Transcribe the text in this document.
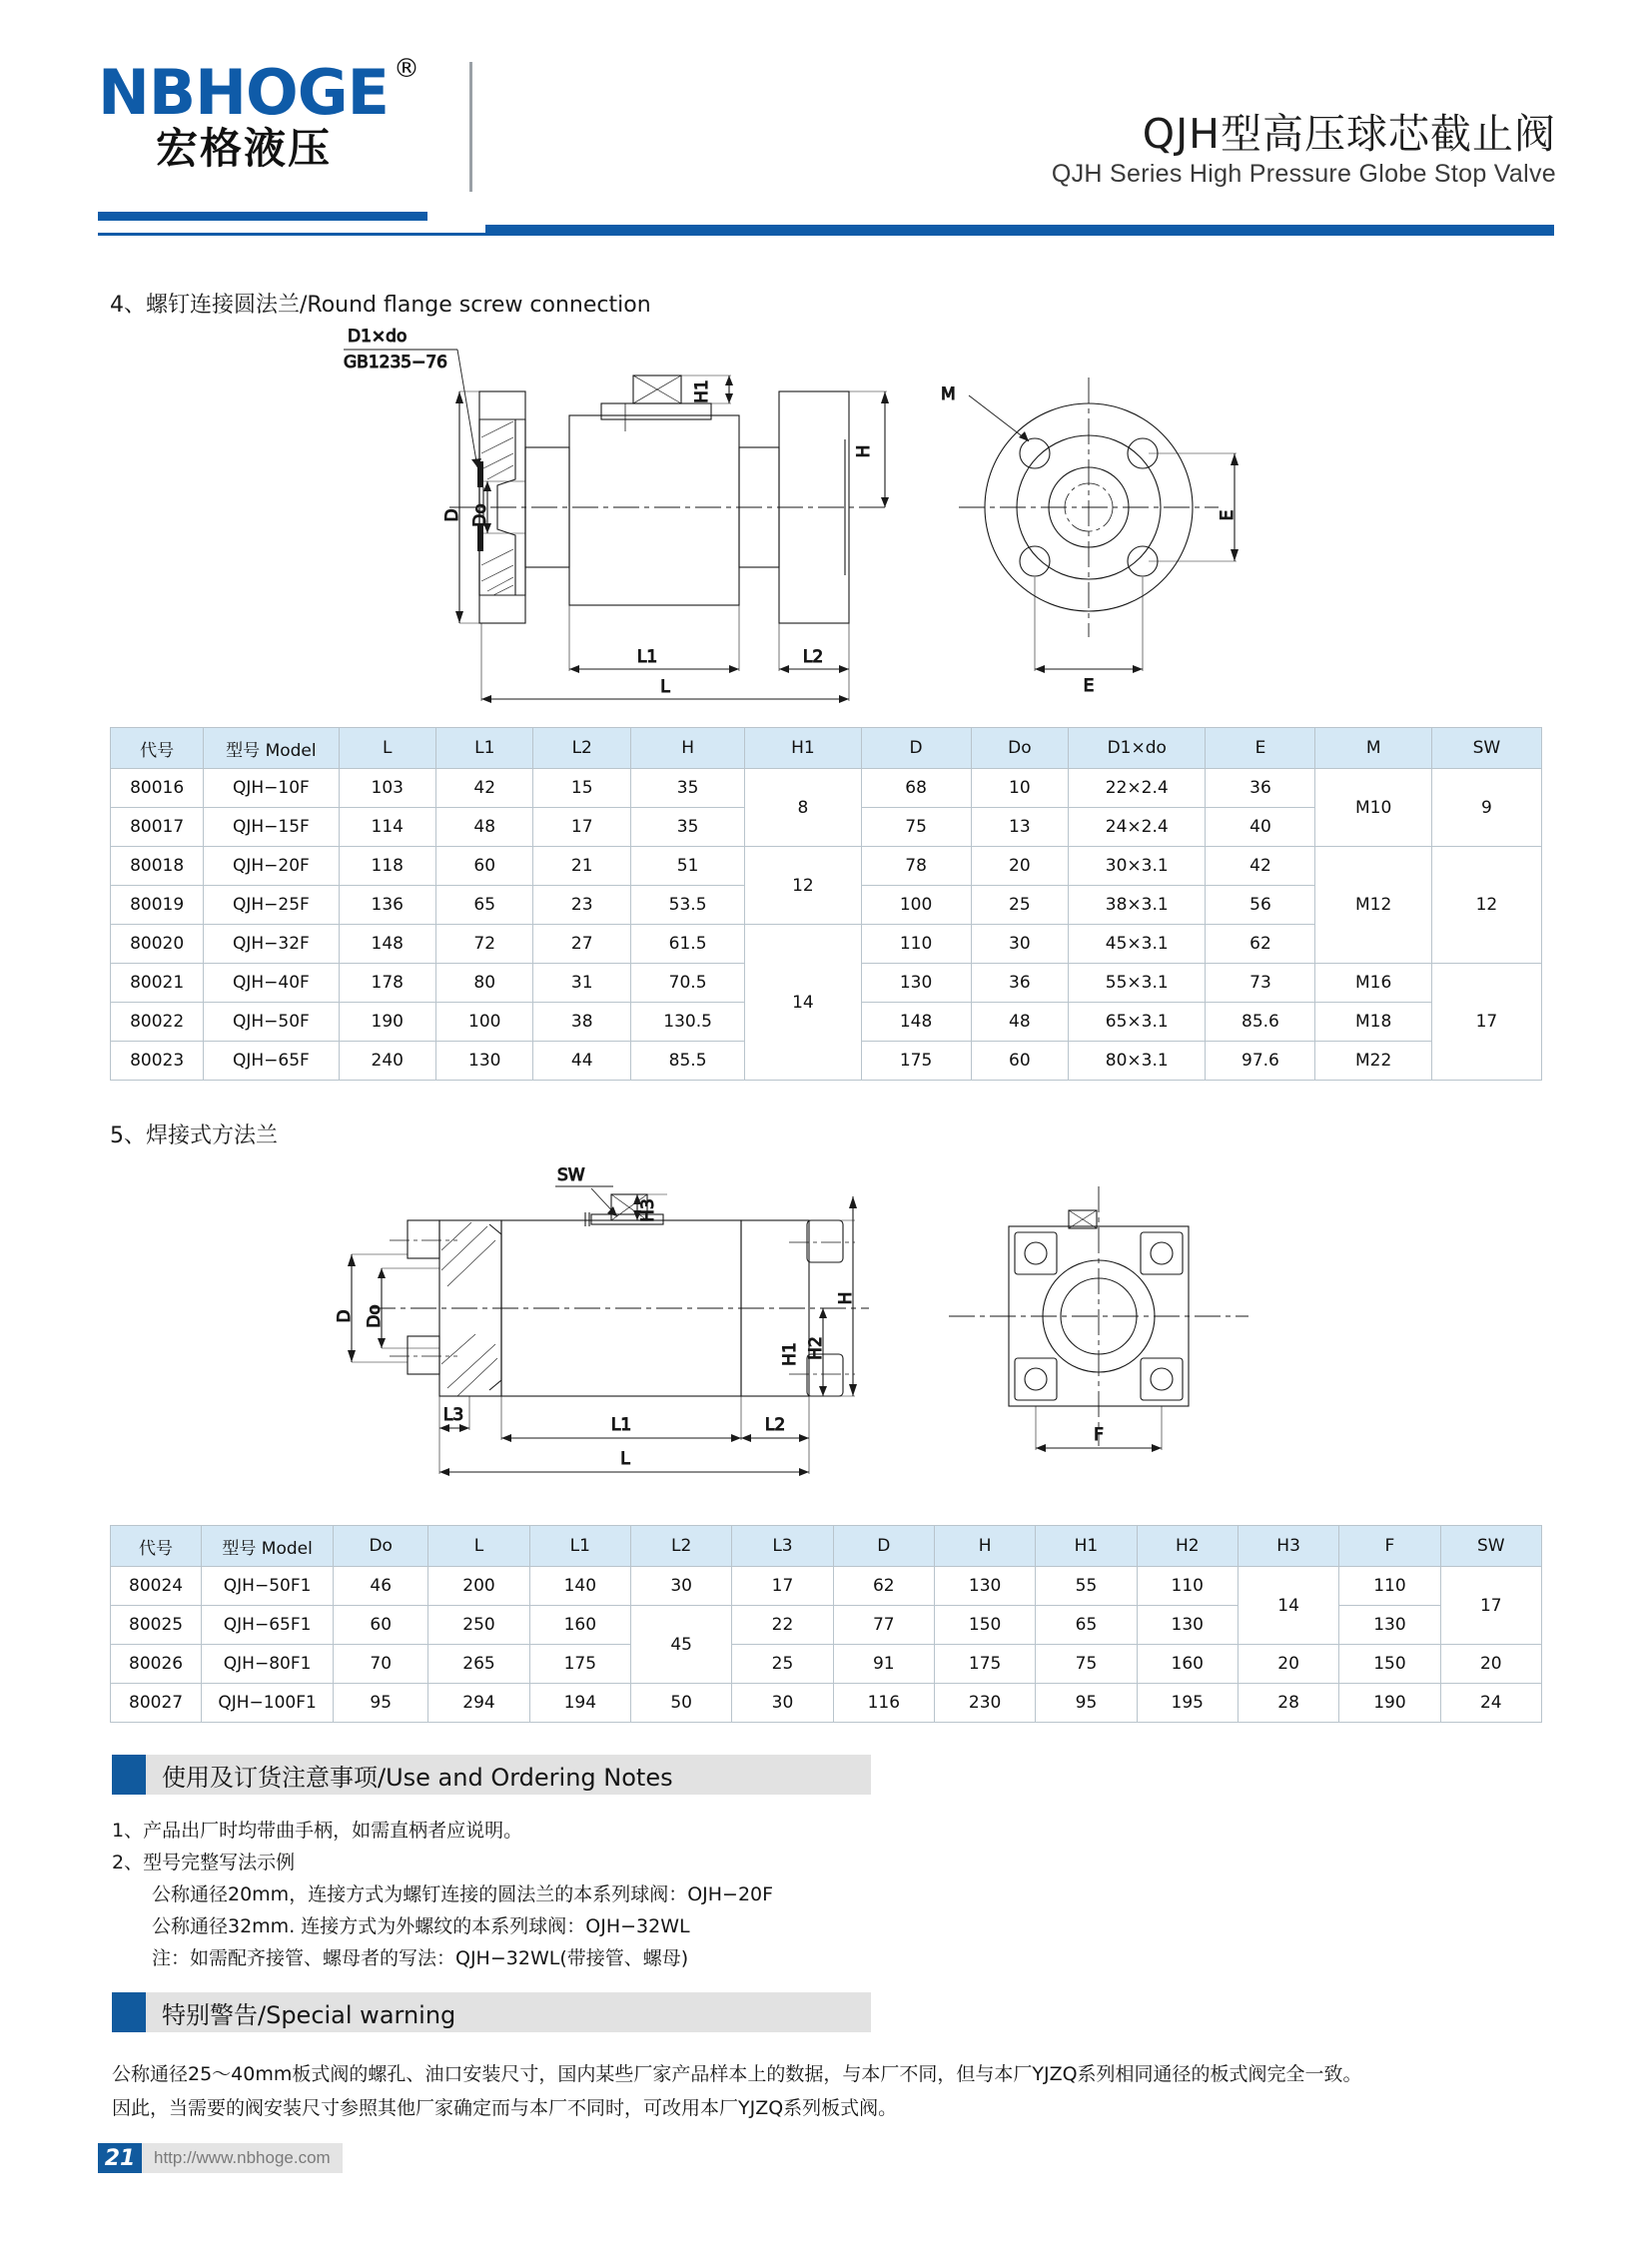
NBHOGE ®
宏格液压	QJH型高压球芯截止阀
QJH Series High Pressure Globe Stop Valve
4、螺钉连接圆法兰/Round flange screw connection
D1×do
GB1235−76
D Do
H1
H
L1	L2
L
M
E
E
代号	型号 Model	L	L1	L2	H	H1	D	Do	D1×do	E	M	SW
80016	QJH−10F	103	42	15	35	8	68	10	22×2.4	36	M10	9
80017	QJH−15F	114	48	17	35		75	13	24×2.4	40		
80018	QJH−20F	118	60	21	51	12	78	20	30×3.1	42	M12	12
80019	QJH−25F	136	65	23	53.5		100	25	38×3.1	56		
80020	QJH−32F	148	72	27	61.5	14	110	30	45×3.1	62		
80021	QJH−40F	178	80	31	70.5		130	36	55×3.1	73	M16	17
80022	QJH−50F	190	100	38	130.5		148	48	65×3.1	85.6	M18	
80023	QJH−65F	240	130	44	85.5		175	60	80×3.1	97.6	M22	
5、焊接式方法兰
SW
D Do
H3
H
H2
H1
L3	L1	L2
L
F
代号	型号 Model	Do	L	L1	L2	L3	D	H	H1	H2	H3	F	SW
80024	QJH−50F1	46	200	140	30	17	62	130	55	110	14	110	17
80025	QJH−65F1	60	250	160	45	22	77	150	65	130		130	
80026	QJH−80F1	70	265	175		25	91	175	75	160	20	150	20
80027	QJH−100F1	95	294	194	50	30	116	230	95	195	28	190	24
使用及订货注意事项/Use and Ordering Notes
1、产品出厂时均带曲手柄，如需直柄者应说明。
2、型号完整写法示例
公称通径20mm，连接方式为螺钉连接的圆法兰的本系列球阀：OJH−20F
公称通径32mm. 连接方式为外螺纹的本系列球阀：OJH−32WL
注：如需配齐接管、螺母者的写法：QJH−32WL(带接管、螺母)
特别警告/Special warning
公称通径25～40mm板式阀的螺孔、油口安装尺寸，国内某些厂家产品样本上的数据，与本厂不同，但与本厂YJZQ系列相同通径的板式阀完全一致。
因此，当需要的阀安装尺寸参照其他厂家确定而与本厂不同时，可改用本厂YJZQ系列板式阀。
21	http://www.nbhoge.com
